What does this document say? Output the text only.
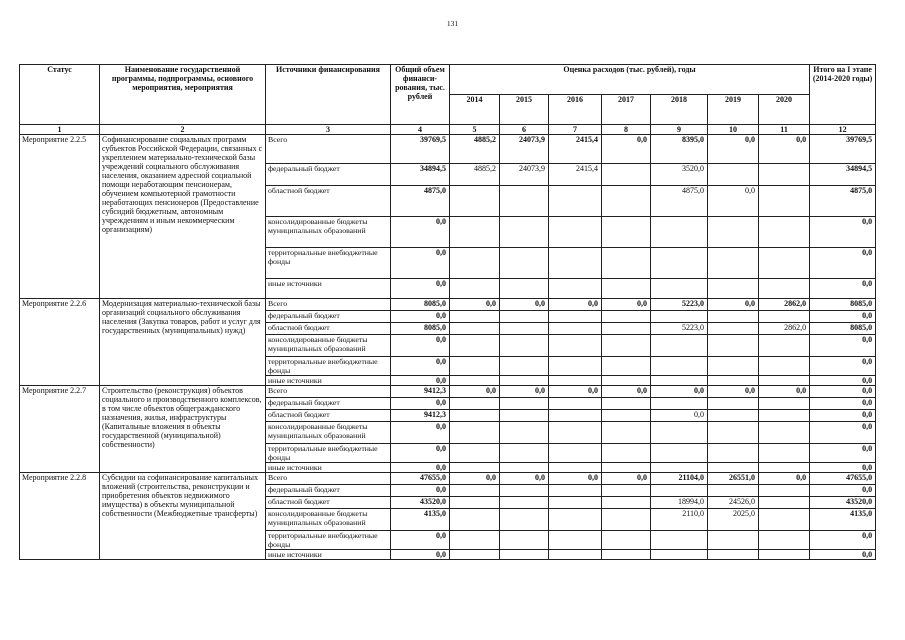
131
Статус	Наименование государственной программы, подпрограммы, основного мероприятия, мероприятия	Источники финансирования	Общий объем финанси-рования, тыс. рублей	Оценка расходов (тыс. рублей), годы							Итого на I этапе (2014-2020 годы)
				2014	2015	2016	2017	2018	2019	2020	
1	2	3	4	5	6	7	8	9	10	11	12
Мероприятие 2.2.5	Софинансирование социальных программ субъектов Российской Федерации, связанных с укреплением материально-технической базы учреждений социального обслуживания населения, оказанием адресной социальной помощи неработающим пенсионерам, обучением компьютерной грамотности неработающих пенсионеров (Предоставление субсидий бюджетным, автономным учреждениям и иным некоммерческим организациям)	Всего	39769,5	4885,2	24073,9	2415,4	0,0	8395,0	0,0	0,0	39769,5
		федеральный бюджет	34894,5	4885,2	24073,9	2415,4		3520,0			34894,5
		областной бюджет	4875,0					4875,0	0,0		4875,0
		консолидированные бюджеты муниципальных образований	0,0								0,0
		территориальные внебюджетные фонды	0,0								0,0
		иные источники	0,0								0,0
Мероприятие 2.2.6	Модернизация материально-технической базы организаций социального обслуживания населения (Закупка товаров, работ и услуг для государственных (муниципальных) нужд)	Всего	8085,0	0,0	0,0	0,0	0,0	5223,0	0,0	2862,0	8085,0
		федеральный бюджет	0,0								0,0
		областной бюджет	8085,0					5223,0		2862,0	8085,0
		консолидированные бюджеты муниципальных образований	0,0								0,0
		территориальные внебюджетные фонды	0,0								0,0
		иные источники	0,0								0,0
Мероприятие 2.2.7	Строительство (реконструкция) объектов социального и производственного комплексов, в том числе объектов общегражданского назначения, жилья, инфраструктуры (Капитальные вложения в объекты государственной (муниципальной) собственности)	Всего	9412,3	0,0	0,0	0,0	0,0	0,0	0,0	0,0	0,0
		федеральный бюджет	0,0								0,0
		областной бюджет	9412,3					0,0			0,0
		консолидированные бюджеты муниципальных образований	0,0								0,0
		территориальные внебюджетные фонды	0,0								0,0
		иные источники	0,0								0,0
Мероприятие 2.2.8	Субсидии на софинансирование капитальных вложений (строительства, реконструкции и приобретения объектов недвижимого имущества) в объекты муниципальной собственности (Межбюджетные трансферты)	Всего	47655,0	0,0	0,0	0,0	0,0	21104,0	26551,0	0,0	47655,0
		федеральный бюджет	0,0								0,0
		областной бюджет	43520,0					18994,0	24526,0		43520,0
		консолидированные бюджеты муниципальных образований	4135,0					2110,0	2025,0		4135,0
		территориальные внебюджетные фонды	0,0								0,0
		иные источники	0,0								0,0
